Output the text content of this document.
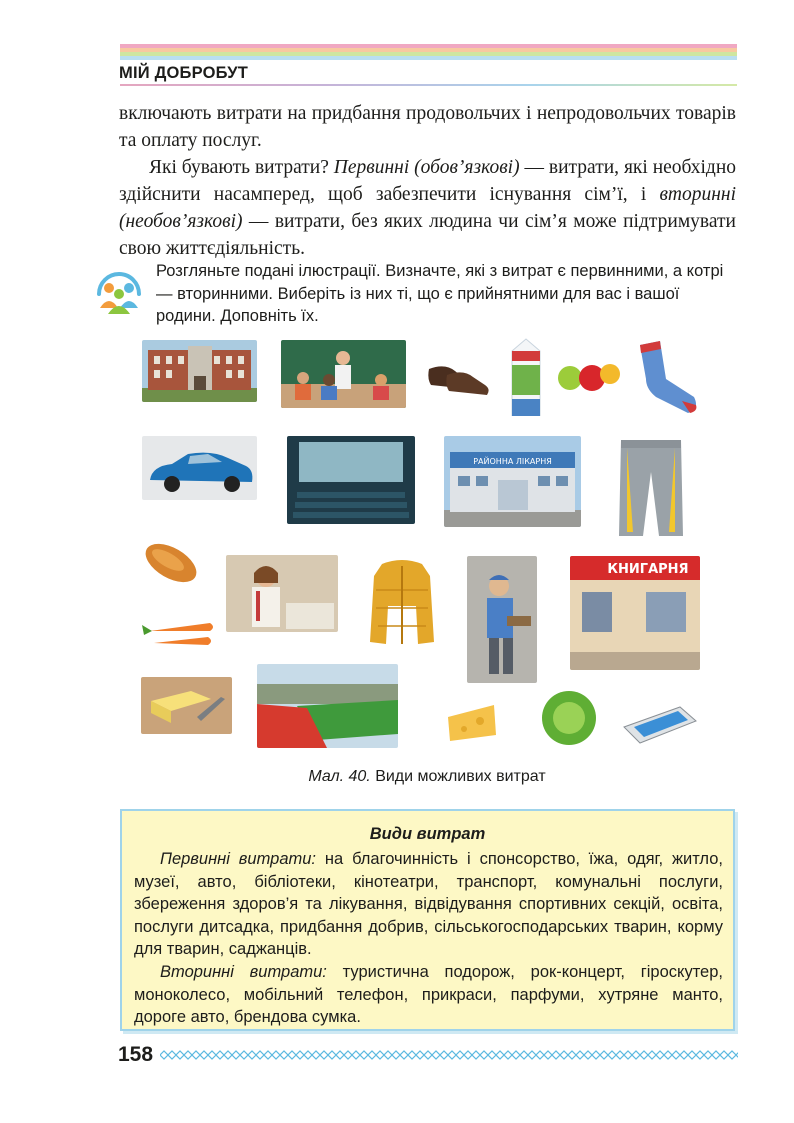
МІЙ ДОБРОБУТ

включають витрати на придбання продовольчих і непродовольчих товарів та оплату послуг.

Які бувають витрати? Первинні (обов’язкові) — витрати, які необхідно здійснити насамперед, щоб забезпечити існування сім’ї, і вторинні (необов’язкові) — витрати, без яких людина чи сім’я може підтримувати свою життєдіяльність.

Розгляньте подані ілюстрації. Визначте, які з витрат є первинними, а котрі — вторинними. Виберіть із них ті, що є прийнятними для вас і вашої родини. Доповніть їх.
РАЙОННА ЛІКАРНЯ
КНИГАРНЯ
Мал. 40. Види можливих витрат
Види витрат

Первинні витрати: на благочинність і спонсорство, їжа, одяг, житло, музеї, авто, бібліотеки, кінотеатри, транспорт, комунальні послуги, збереження здоров’я та лікування, відвідування спортивних секцій, освіта, послуги дитсадка, придбання добрив, сільськогосподарських тварин, корму для тварин, саджанців.

Вторинні витрати: туристична подорож, рок-концерт, гіроскутер, моноколесо, мобільний телефон, прикраси, парфуми, хутряне манто, дороге авто, брендова сумка.

158
